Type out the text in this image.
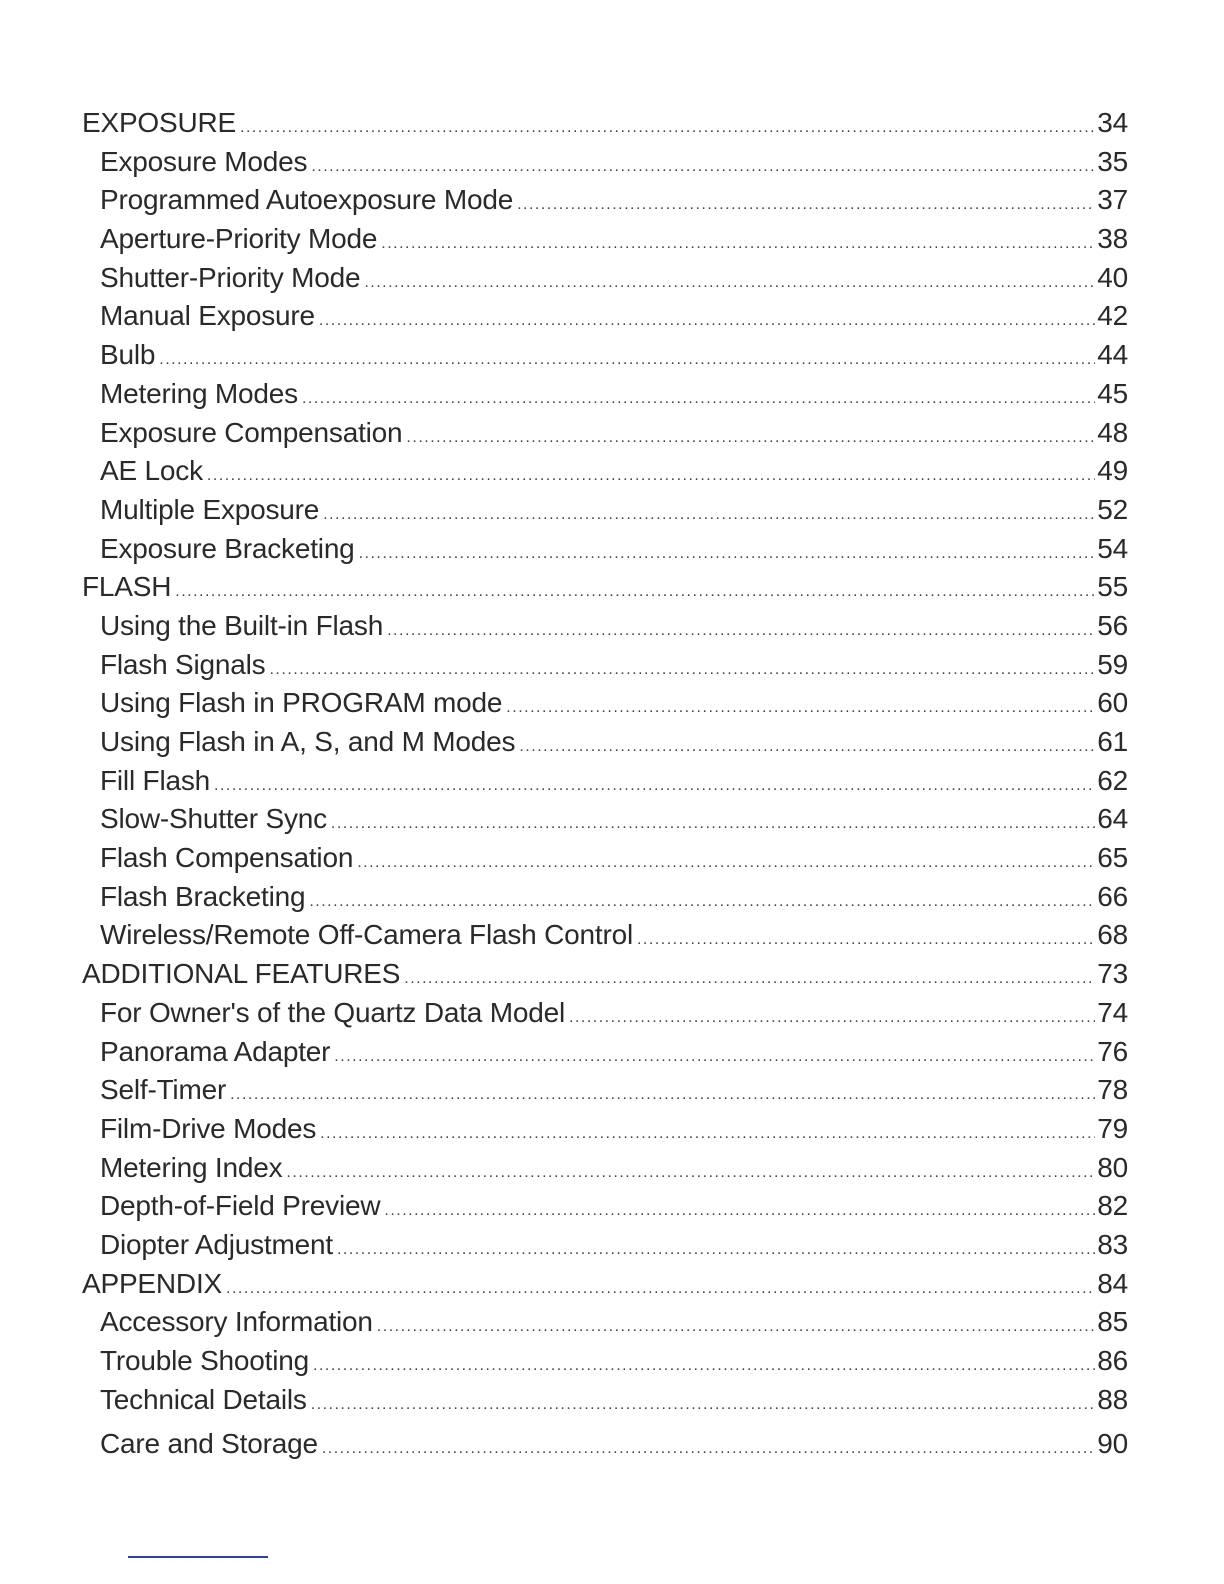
EXPOSURE .....	34
Exposure Modes .....	35
Programmed Autoexposure Mode .....	37
Aperture-Priority Mode .....	38
Shutter-Priority Mode .....	40
Manual Exposure .....	42
Bulb .....	44
Metering Modes .....	45
Exposure Compensation .....	48
AE Lock .....	49
Multiple Exposure .....	52
Exposure Bracketing .....	54
FLASH .....	55
Using the Built-in Flash .....	56
Flash Signals .....	59
Using Flash in PROGRAM mode .....	60
Using Flash in A, S, and M Modes .....	61
Fill Flash .....	62
Slow-Shutter Sync .....	64
Flash Compensation .....	65
Flash Bracketing .....	66
Wireless/Remote Off-Camera Flash Control .....	68
ADDITIONAL FEATURES .....	73
For Owner's of the Quartz Data Model .....	74
Panorama Adapter .....	76
Self-Timer .....	78
Film-Drive Modes .....	79
Metering Index .....	80
Depth-of-Field Preview .....	82
Diopter Adjustment .....	83
APPENDIX .....	84
Accessory Information .....	85
Trouble Shooting .....	86
Technical Details .....	88
Care and Storage .....	90
